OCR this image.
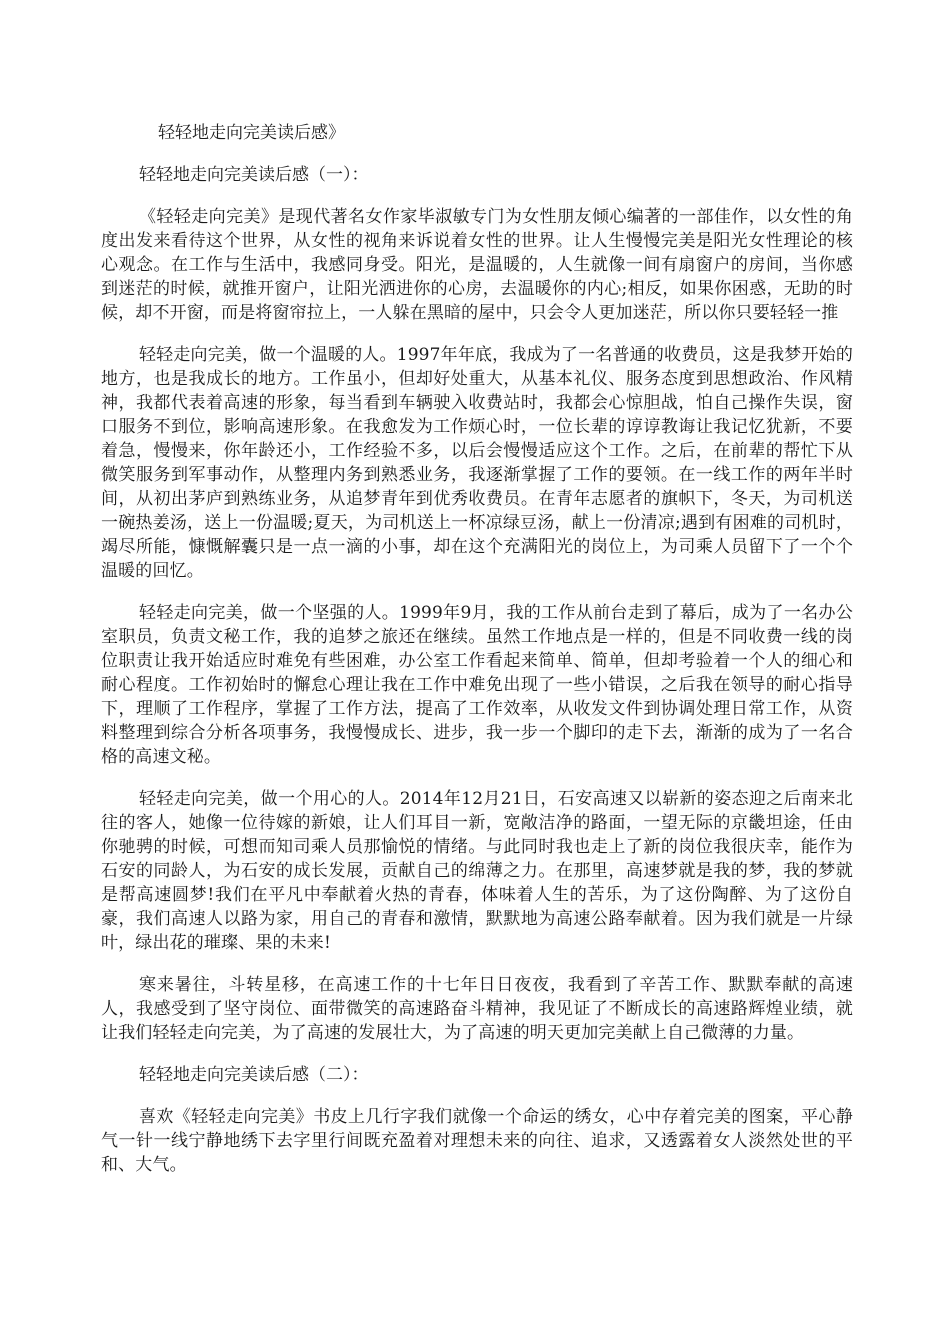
轻轻地走向完美读后感》
轻轻地走向完美读后感（一）：

《轻轻走向完美》是现代著名女作家毕淑敏专门为女性朋友倾心编著的一部佳作，以女性的角度出发来看待这个世界，从女性的视角来诉说着女性的世界。让人生慢慢完美是阳光女性理论的核心观念。在工作与生活中，我感同身受。阳光，是温暖的，人生就像一间有扇窗户的房间，当你感到迷茫的时候，就推开窗户，让阳光洒进你的心房，去温暖你的内心;相反，如果你困惑，无助的时候，却不开窗，而是将窗帘拉上，一人躲在黑暗的屋中，只会令人更加迷茫，所以你只要轻轻一推

轻轻走向完美，做一个温暖的人。1997年年底，我成为了一名普通的收费员，这是我梦开始的地方，也是我成长的地方。工作虽小，但却好处重大，从基本礼仪、服务态度到思想政治、作风精神，我都代表着高速的形象，每当看到车辆驶入收费站时，我都会心惊胆战，怕自己操作失误，窗口服务不到位，影响高速形象。在我愈发为工作烦心时，一位长辈的谆谆教诲让我记忆犹新，不要着急，慢慢来，你年龄还小，工作经验不多，以后会慢慢适应这个工作。之后，在前辈的帮忙下从微笑服务到军事动作，从整理内务到熟悉业务，我逐渐掌握了工作的要领。在一线工作的两年半时间，从初出茅庐到熟练业务，从追梦青年到优秀收费员。在青年志愿者的旗帜下，冬天，为司机送一碗热姜汤，送上一份温暖;夏天，为司机送上一杯凉绿豆汤，献上一份清凉;遇到有困难的司机时，竭尽所能，慷慨解囊只是一点一滴的小事，却在这个充满阳光的岗位上，为司乘人员留下了一个个温暖的回忆。

轻轻走向完美，做一个坚强的人。1999年9月，我的工作从前台走到了幕后，成为了一名办公室职员，负责文秘工作，我的追梦之旅还在继续。虽然工作地点是一样的，但是不同收费一线的岗位职责让我开始适应时难免有些困难，办公室工作看起来简单、简单，但却考验着一个人的细心和耐心程度。工作初始时的懈怠心理让我在工作中难免出现了一些小错误，之后我在领导的耐心指导下，理顺了工作程序，掌握了工作方法，提高了工作效率，从收发文件到协调处理日常工作，从资料整理到综合分析各项事务，我慢慢成长、进步，我一步一个脚印的走下去，渐渐的成为了一名合格的高速文秘。

轻轻走向完美，做一个用心的人。2014年12月21日，石安高速又以崭新的姿态迎之后南来北往的客人，她像一位待嫁的新娘，让人们耳目一新，宽敞洁净的路面，一望无际的京畿坦途，任由你驰骋的时候，可想而知司乘人员那愉悦的情绪。与此同时我也走上了新的岗位我很庆幸，能作为石安的同龄人，为石安的成长发展，贡献自己的绵薄之力。在那里，高速梦就是我的梦，我的梦就是帮高速圆梦!我们在平凡中奉献着火热的青春，体味着人生的苦乐，为了这份陶醉、为了这份自豪，我们高速人以路为家，用自己的青春和激情，默默地为高速公路奉献着。因为我们就是一片绿叶，绿出花的璀璨、果的未来!

寒来暑往，斗转星移，在高速工作的十七年日日夜夜，我看到了辛苦工作、默默奉献的高速人，我感受到了坚守岗位、面带微笑的高速路奋斗精神，我见证了不断成长的高速路辉煌业绩，就让我们轻轻走向完美，为了高速的发展壮大，为了高速的明天更加完美献上自己微薄的力量。

轻轻地走向完美读后感（二）：

喜欢《轻轻走向完美》书皮上几行字我们就像一个命运的绣女，心中存着完美的图案，平心静气一针一线宁静地绣下去字里行间既充盈着对理想未来的向往、追求，又透露着女人淡然处世的平和、大气。
